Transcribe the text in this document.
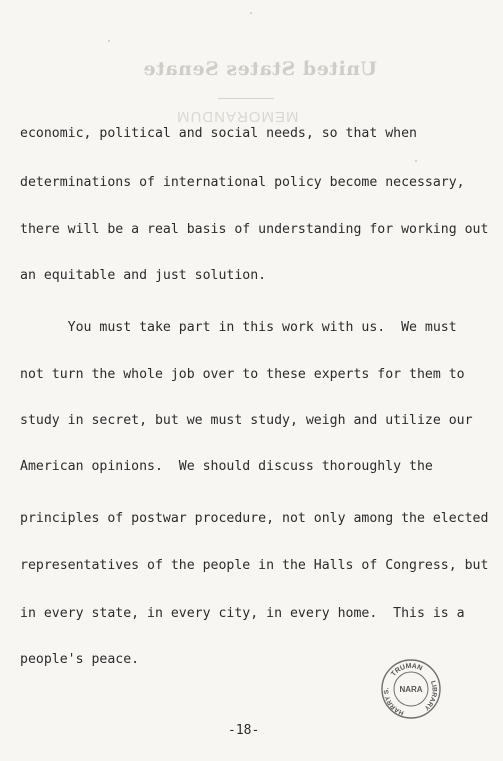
United States Senate
MEMORANDUM
economic, political and social needs, so that when
determinations of international policy become necessary,
there will be a real basis of understanding for working out
an equitable and just solution.
You must take part in this work with us.  We must
not turn the whole job over to these experts for them to
study in secret, but we must study, weigh and utilize our
American opinions.  We should discuss thoroughly the
principles of postwar procedure, not only among the elected
representatives of the people in the Halls of Congress, but
in every state, in every city, in every home.  This is a
people's peace.
TRUMAN
HARRY S.
LIBRARY
NARA
-18-
